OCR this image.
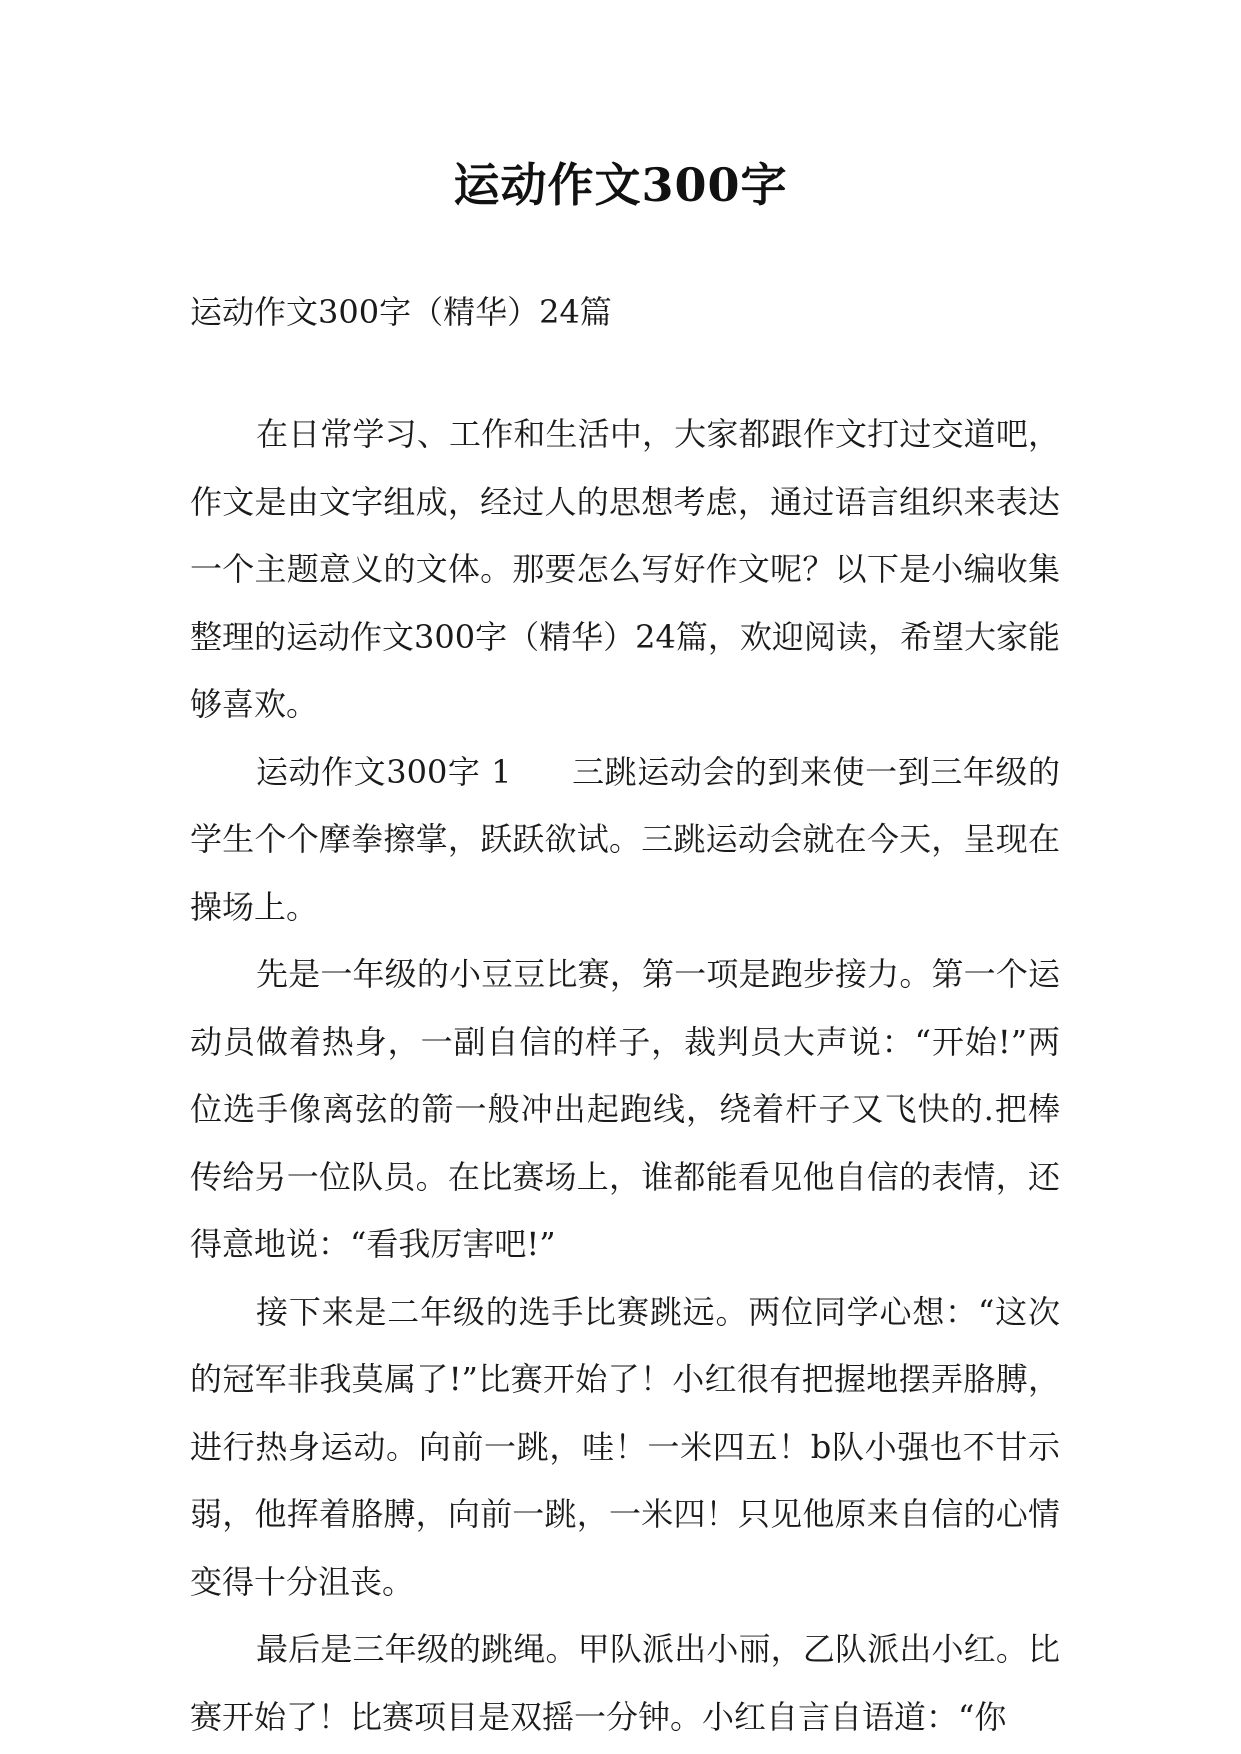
运动作文300字
运动作文300字（精华）24篇

在日常学习、工作和生活中，大家都跟作文打过交道吧，作文是由文字组成，经过人的思想考虑，通过语言组织来表达一个主题意义的文体。那要怎么写好作文呢？以下是小编收集整理的运动作文300字（精华）24篇，欢迎阅读，希望大家能够喜欢。

运动作文300字 1 三跳运动会的到来使一到三年级的学生个个摩拳擦掌，跃跃欲试。三跳运动会就在今天，呈现在操场上。

先是一年级的小豆豆比赛，第一项是跑步接力。第一个运动员做着热身，一副自信的样子，裁判员大声说：“开始!”两位选手像离弦的箭一般冲出起跑线，绕着杆子又飞快的.把棒传给另一位队员。在比赛场上，谁都能看见他自信的表情，还得意地说：“看我厉害吧!”

接下来是二年级的选手比赛跳远。两位同学心想：“这次的冠军非我莫属了!”比赛开始了！小红很有把握地摆弄胳膊，进行热身运动。向前一跳，哇！一米四五！b队小强也不甘示弱，他挥着胳膊，向前一跳，一米四！只见他原来自信的心情变得十分沮丧。

最后是三年级的跳绳。甲队派出小丽，乙队派出小红。比赛开始了！比赛项目是双摇一分钟。小红自言自语道：“你
